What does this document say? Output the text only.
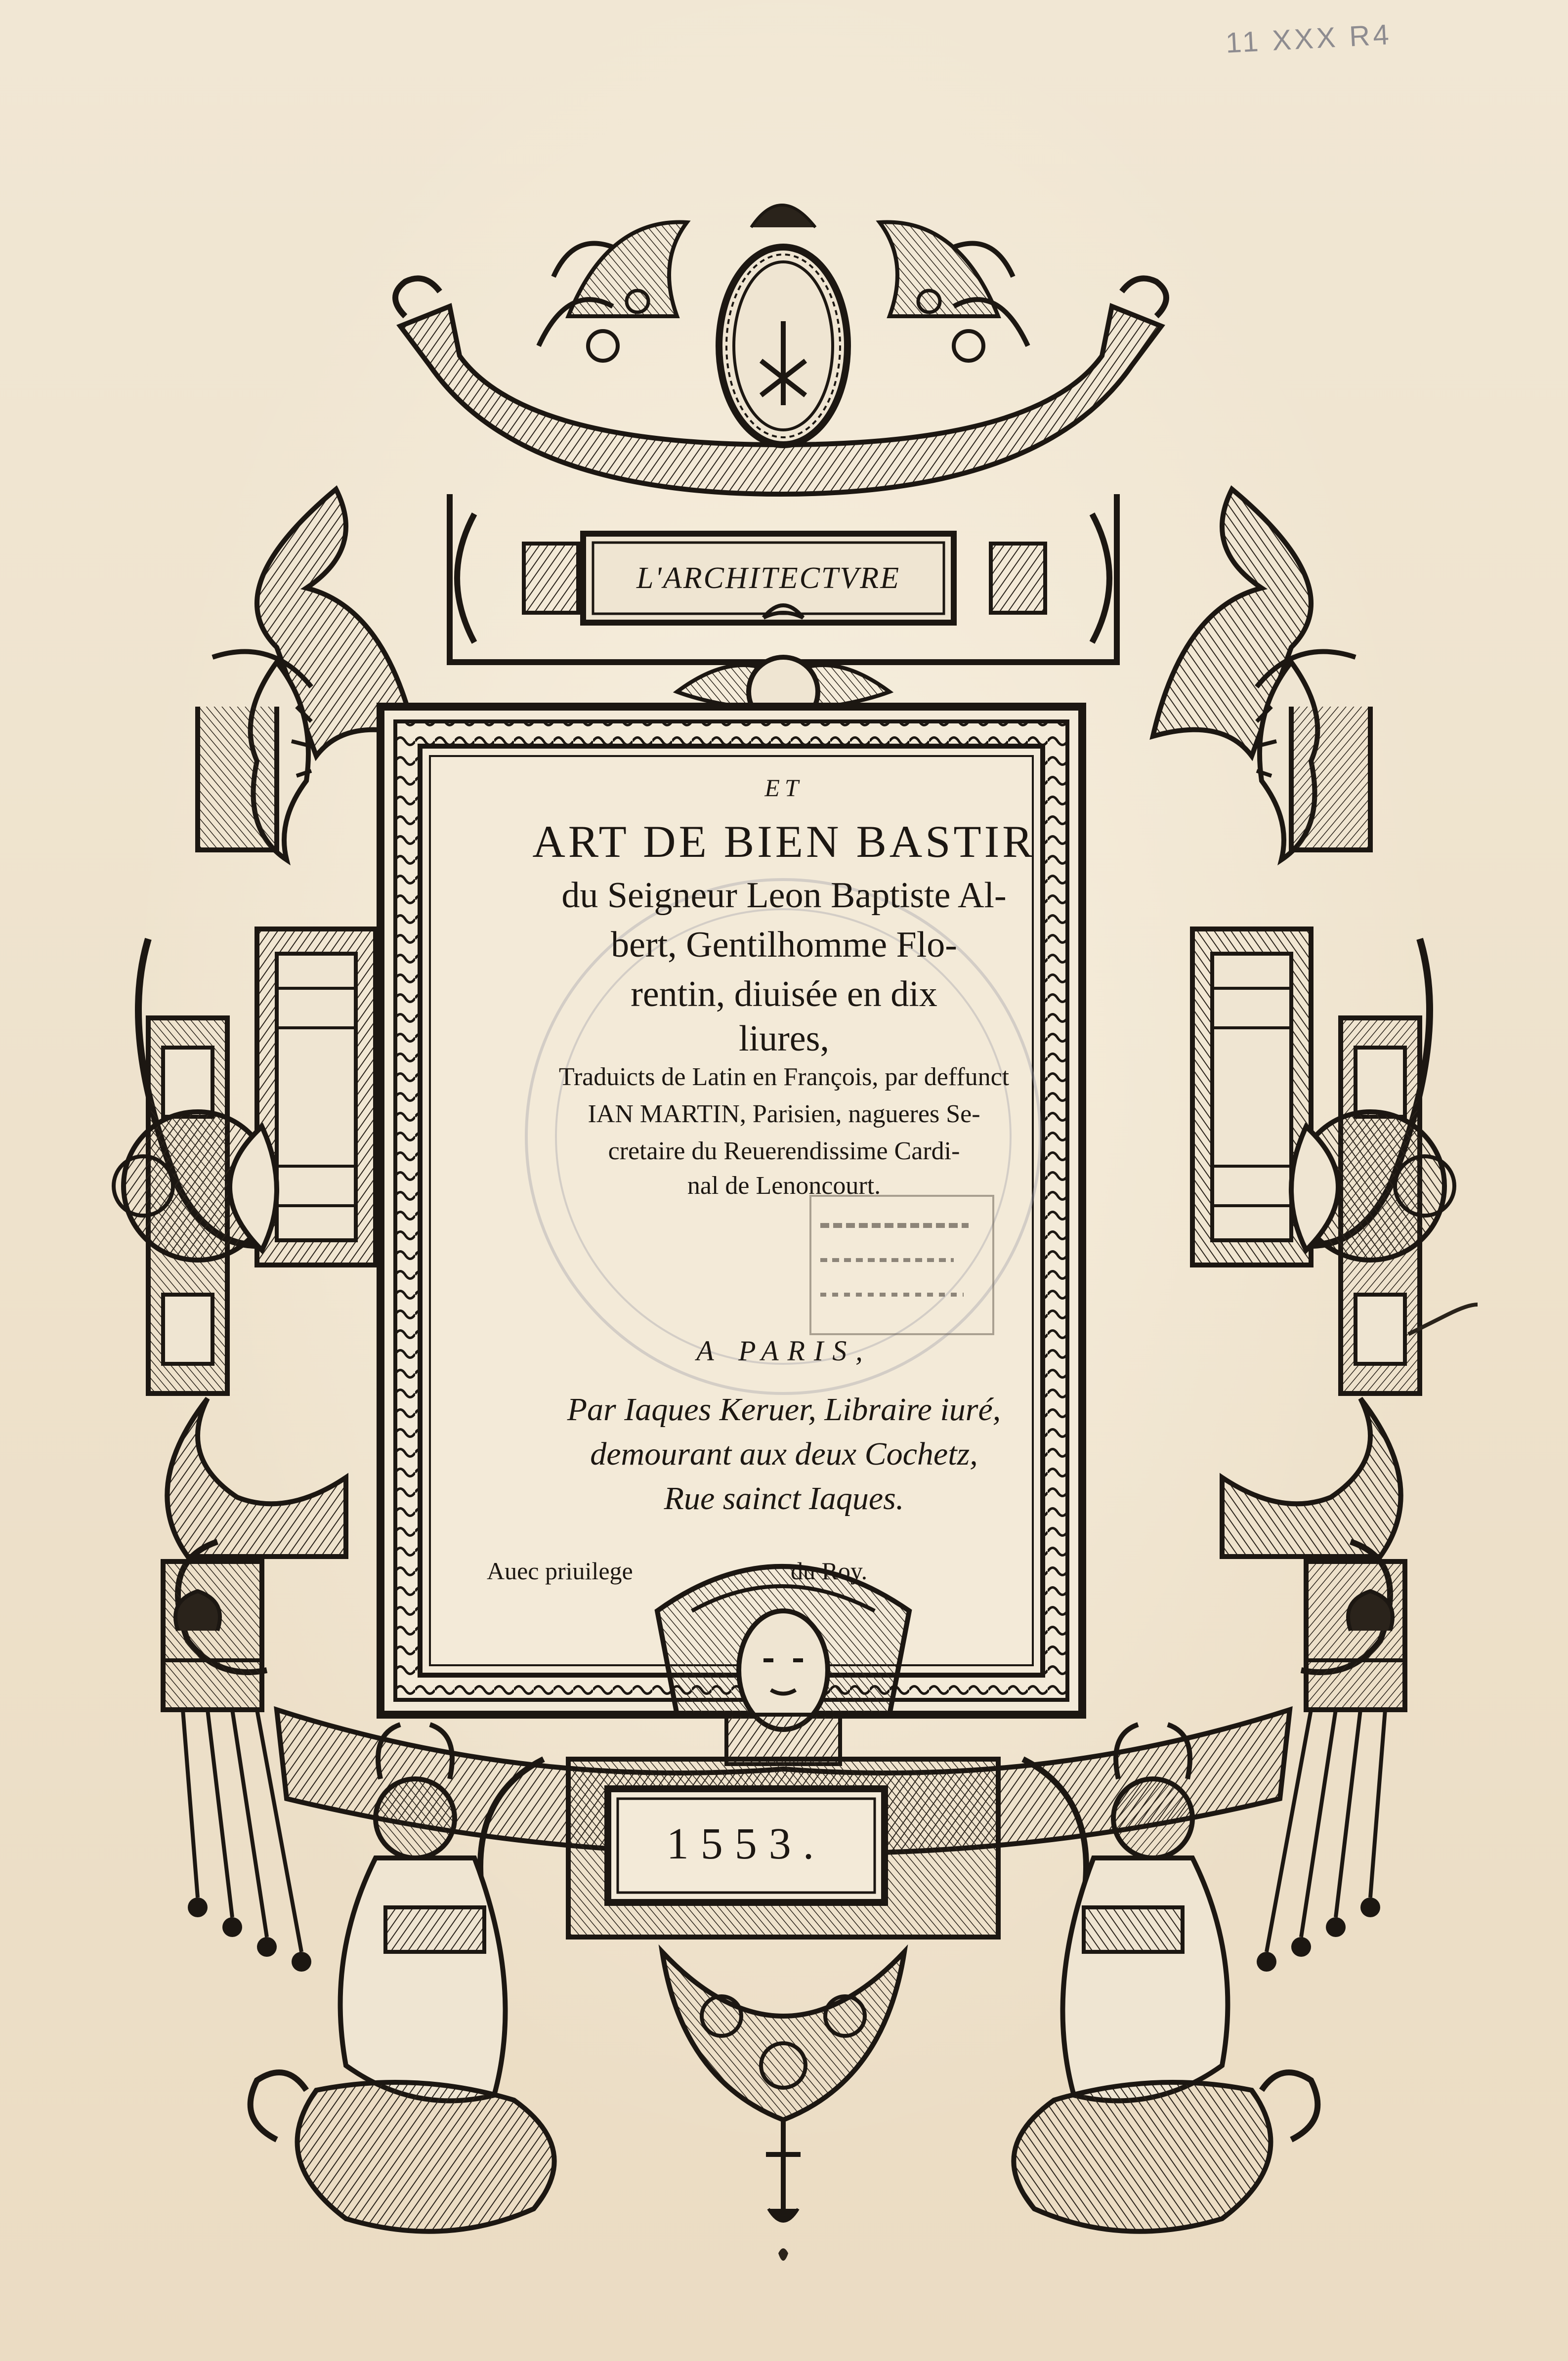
11 XXX R4
L'ARCHITECTVRE
ET
ART DE BIEN BASTIR
du Seigneur Leon Baptiste Al-
bert, Gentilhomme Flo-
rentin, diuisée en dix
liures,
Traduicts de Latin en François, par deffunct
IAN MARTIN, Parisien, nagueres Se-
cretaire du Reuerendissime Cardi-
nal de Lenoncourt.
A PARIS,
Par Iaques Keruer, Libraire iuré,
demourant aux deux Cochetz,
Rue sainct Iaques.
Auec priuilege	du Roy.
1553.
